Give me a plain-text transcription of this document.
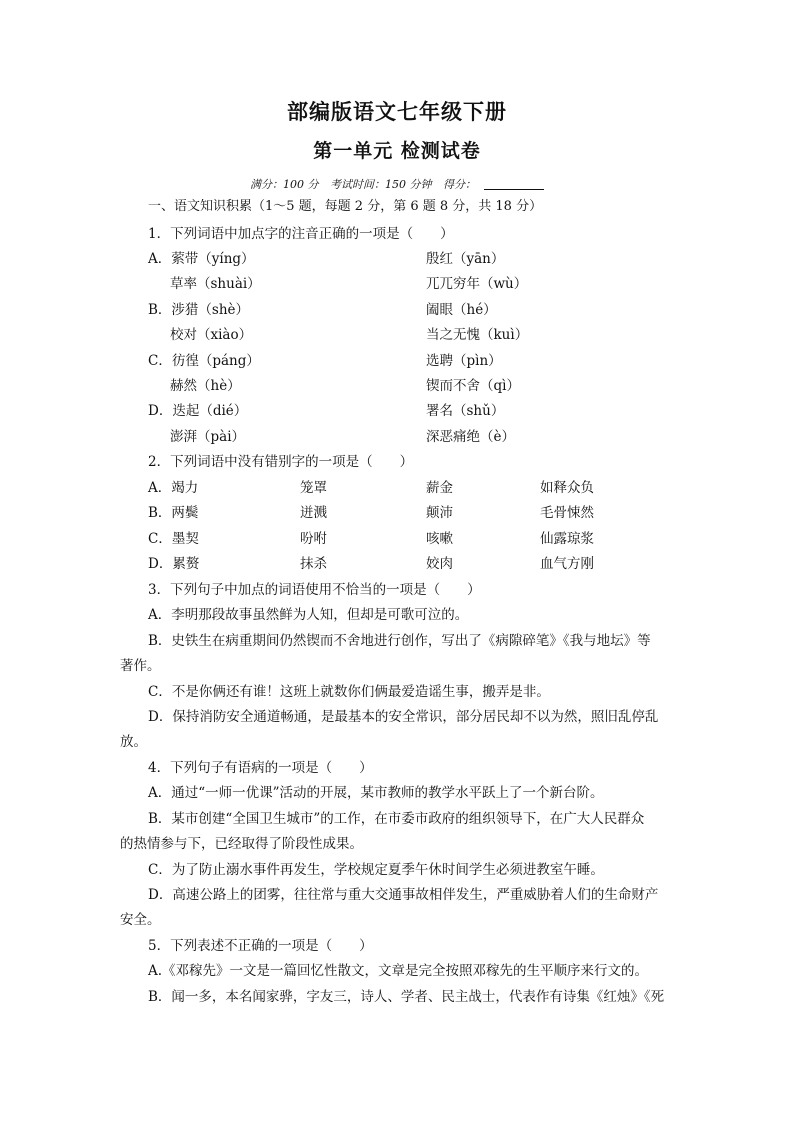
部编版语文七年级下册
第一单元 检测试卷
满分：100 分 考试时间：150 分钟 得分：
一、语文知识积累（1～5 题，每题 2 分，第 6 题 8 分，共 18 分）
1．下列词语中加点字的注音正确的一项是（　　）
A．萦带（yíng）	殷红（yān）
草率（shuài）	兀兀穷年（wù）
B．涉猎（shè）	阖眼（hé）
校对（xiào）	当之无愧（kuì）
C．彷徨（páng）	选聘（pìn）
赫然（hè）	锲而不舍（qì）
D．迭起（dié）	署名（shǔ）
澎湃（pài）	深恶痛绝（è）
2．下列词语中没有错别字的一项是（　　）
A．竭力	笼罩	薪金	如释众负
B．两鬓	迸溅	颠沛	毛骨悚然
C．墨契	吩咐	咳嗽	仙露琼浆
D．累赘	抹杀	姣肉	血气方刚
3．下列句子中加点的词语使用不恰当的一项是（　　）
A．李明那段故事虽然鲜为人知，但却是可歌可泣的。
B．史铁生在病重期间仍然锲而不舍地进行创作，写出了《病隙碎笔》《我与地坛》等
著作。
C．不是你俩还有谁！这班上就数你们俩最爱造谣生事，搬弄是非。
D．保持消防安全通道畅通，是最基本的安全常识，部分居民却不以为然，照旧乱停乱
放。
4．下列句子有语病的一项是（　　）
A．通过“一师一优课”活动的开展，某市教师的教学水平跃上了一个新台阶。
B．某市创建“全国卫生城市”的工作，在市委市政府的组织领导下，在广大人民群众
的热情参与下，已经取得了阶段性成果。
C．为了防止溺水事件再发生，学校规定夏季午休时间学生必须进教室午睡。
D．高速公路上的团雾，往往常与重大交通事故相伴发生，严重威胁着人们的生命财产
安全。
5．下列表述不正确的一项是（　　）
A.《邓稼先》一文是一篇回忆性散文，文章是完全按照邓稼先的生平顺序来行文的。
B．闻一多，本名闻家骅，字友三，诗人、学者、民主战士，代表作有诗集《红烛》《死
